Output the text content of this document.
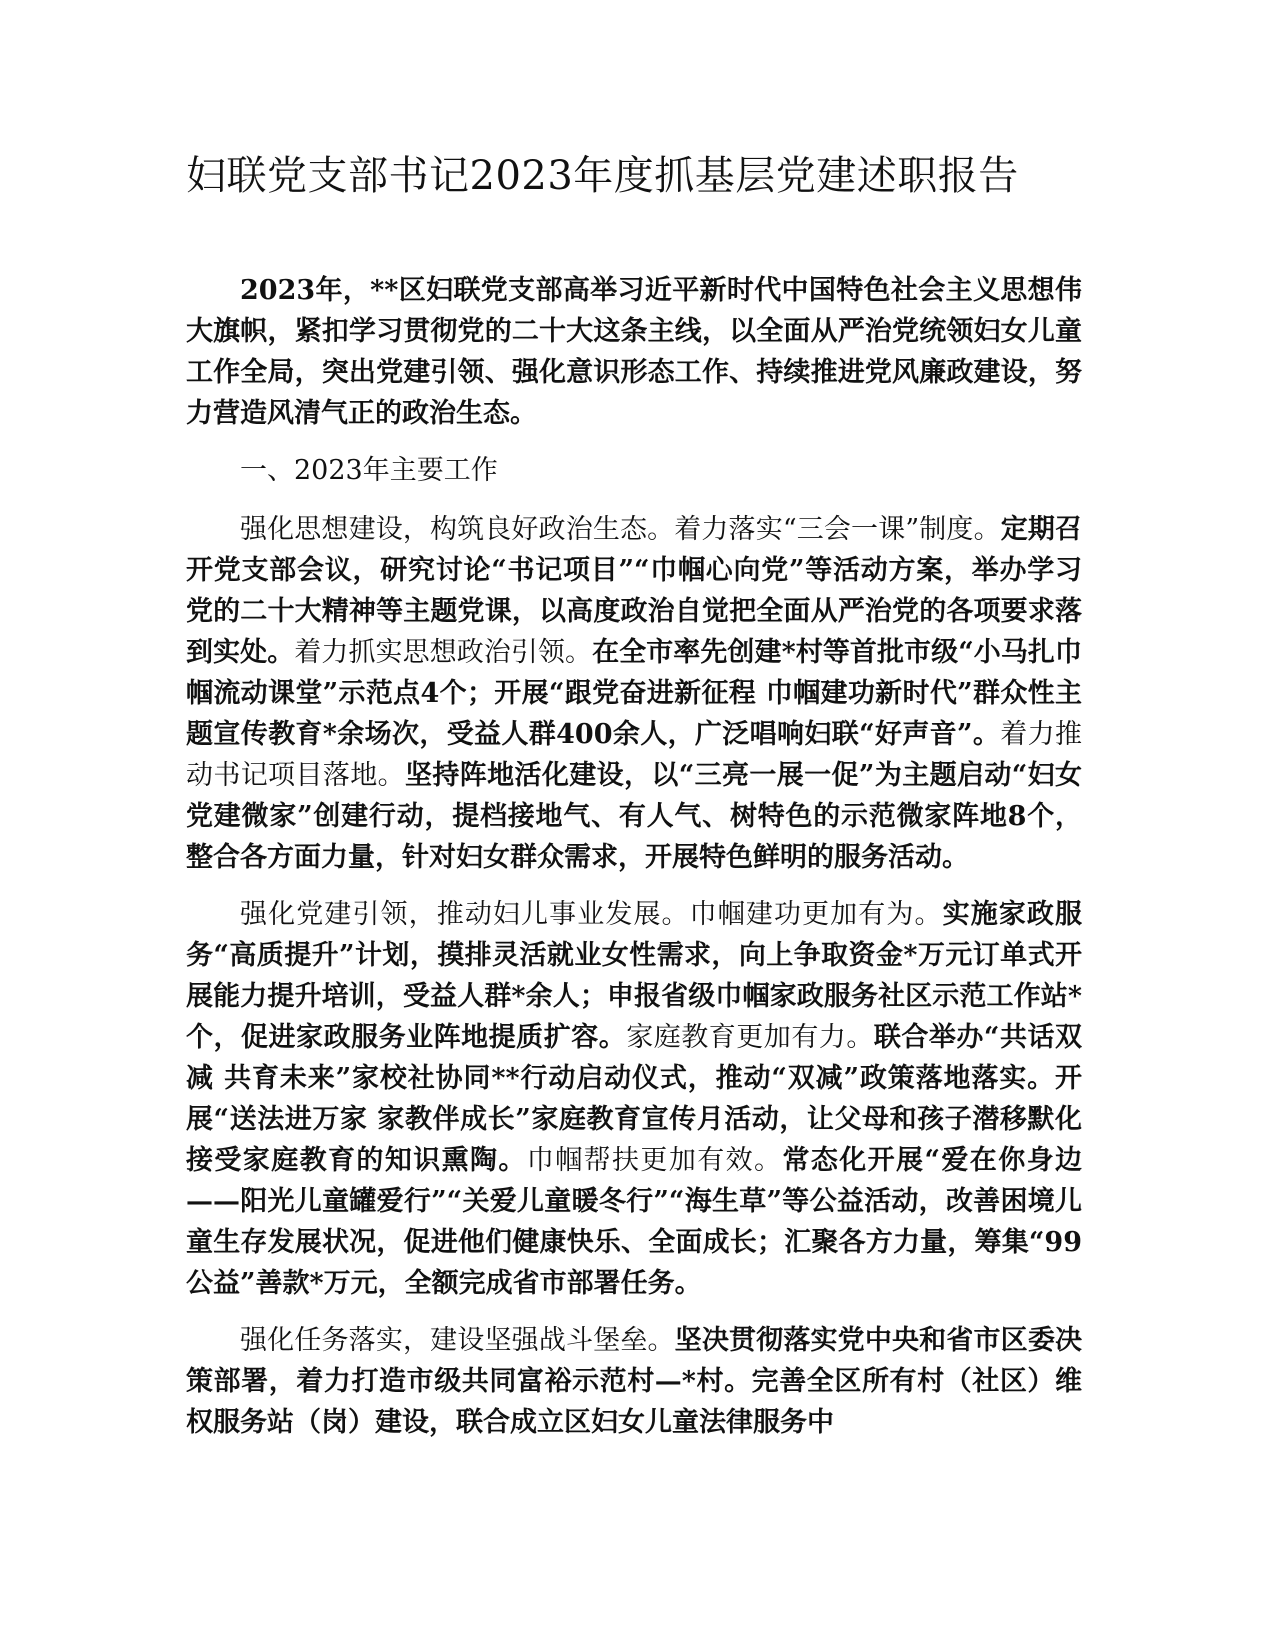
妇联党支部书记2023年度抓基层党建述职报告

2023年，**区妇联党支部高举习近平新时代中国特色社会主义思想伟大旗帜，紧扣学习贯彻党的二十大这条主线，以全面从严治党统领妇女儿童工作全局，突出党建引领、强化意识形态工作、持续推进党风廉政建设，努力营造风清气正的政治生态。

一、2023年主要工作

强化思想建设，构筑良好政治生态。着力落实“三会一课”制度。定期召开党支部会议，研究讨论“书记项目”“巾帼心向党”等活动方案，举办学习党的二十大精神等主题党课，以高度政治自觉把全面从严治党的各项要求落到实处。着力抓实思想政治引领。在全市率先创建*村等首批市级“小马扎巾帼流动课堂”示范点4个；开展“跟党奋进新征程 巾帼建功新时代”群众性主题宣传教育*余场次，受益人群400余人，广泛唱响妇联“好声音”。着力推动书记项目落地。坚持阵地活化建设，以“三亮一展一促”为主题启动“妇女党建微家”创建行动，提档接地气、有人气、树特色的示范微家阵地8个，整合各方面力量，针对妇女群众需求，开展特色鲜明的服务活动。

强化党建引领，推动妇儿事业发展。巾帼建功更加有为。实施家政服务“高质提升”计划，摸排灵活就业女性需求，向上争取资金*万元订单式开展能力提升培训，受益人群*余人；申报省级巾帼家政服务社区示范工作站*个，促进家政服务业阵地提质扩容。家庭教育更加有力。联合举办“共话双减 共育未来”家校社协同**行动启动仪式，推动“双减”政策落地落实。开展“送法进万家 家教伴成长”家庭教育宣传月活动，让父母和孩子潜移默化接受家庭教育的知识熏陶。巾帼帮扶更加有效。常态化开展“爱在你身边——阳光儿童罐爱行”“关爱儿童暖冬行”“海生草”等公益活动，改善困境儿童生存发展状况，促进他们健康快乐、全面成长；汇聚各方力量，筹集“99公益”善款*万元，全额完成省市部署任务。

强化任务落实，建设坚强战斗堡垒。坚决贯彻落实党中央和省市区委决策部署，着力打造市级共同富裕示范村—*村。完善全区所有村（社区）维权服务站（岗）建设，联合成立区妇女儿童法律服务中
